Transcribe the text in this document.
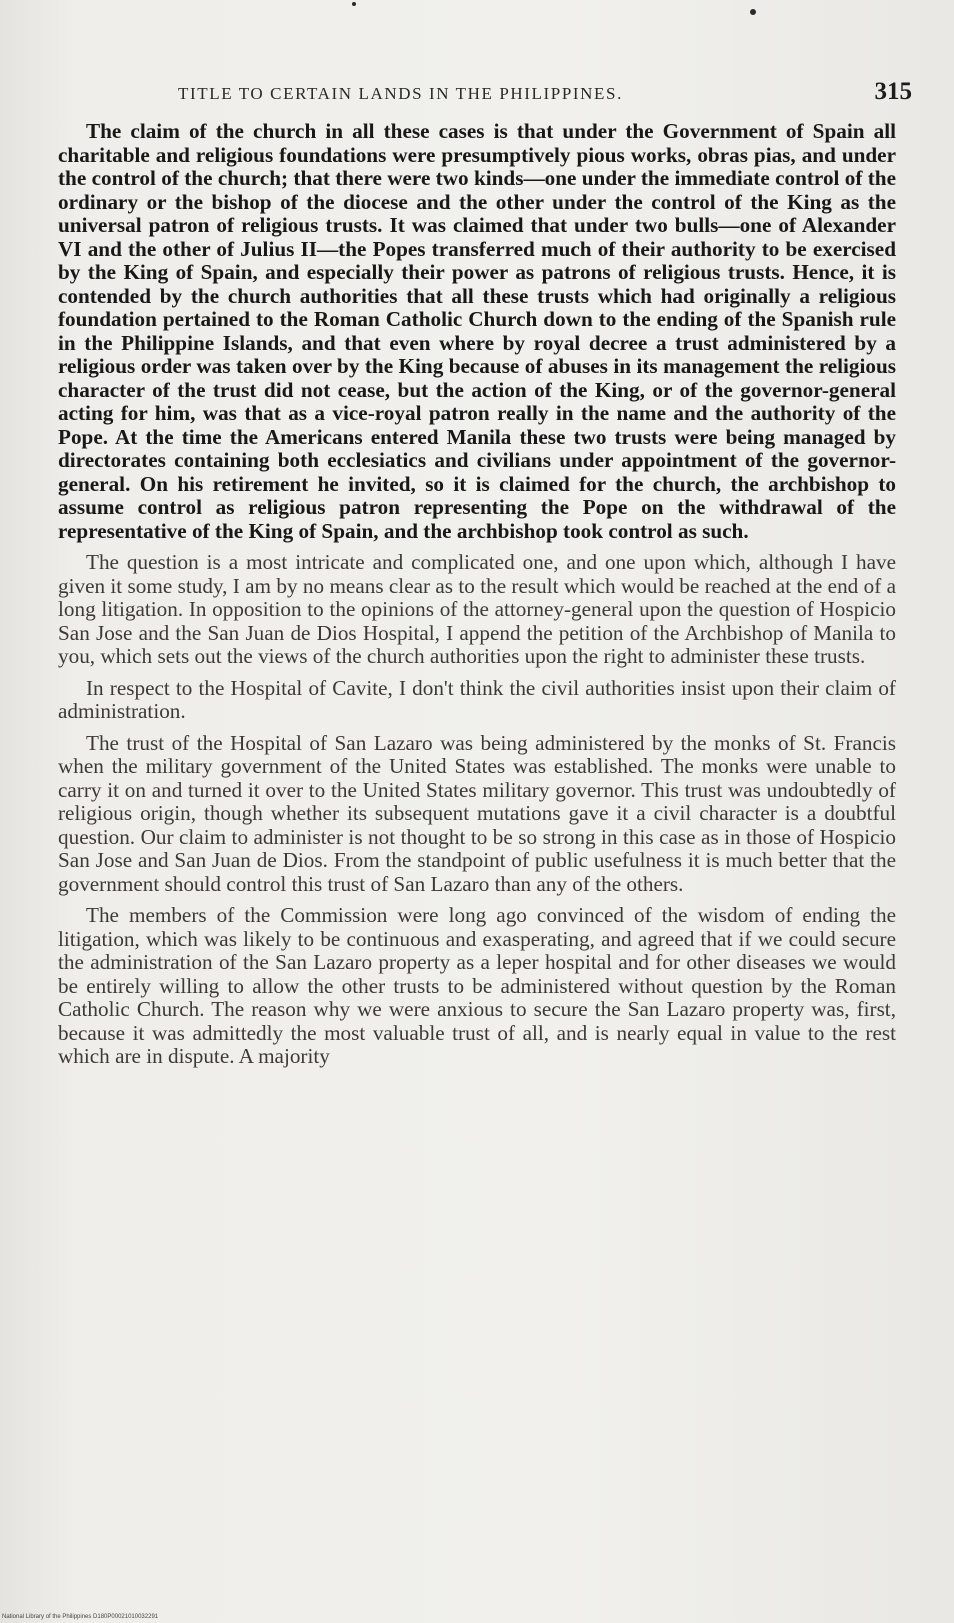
TITLE TO CERTAIN LANDS IN THE PHILIPPINES.	315

The claim of the church in all these cases is that under the Government of Spain all charitable and religious foundations were presumptively pious works, obras pias, and under the control of the church; that there were two kinds—one under the immediate control of the ordinary or the bishop of the diocese and the other under the control of the King as the universal patron of religious trusts. It was claimed that under two bulls—one of Alexander VI and the other of Julius II—the Popes transferred much of their authority to be exercised by the King of Spain, and especially their power as patrons of religious trusts. Hence, it is contended by the church authorities that all these trusts which had originally a religious foundation pertained to the Roman Catholic Church down to the ending of the Spanish rule in the Philippine Islands, and that even where by royal decree a trust administered by a religious order was taken over by the King because of abuses in its management the religious character of the trust did not cease, but the action of the King, or of the governor-general acting for him, was that as a vice-royal patron really in the name and the authority of the Pope. At the time the Americans entered Manila these two trusts were being managed by directorates containing both ecclesiatics and civilians under appointment of the governor-general. On his retirement he invited, so it is claimed for the church, the archbishop to assume control as religious patron representing the Pope on the withdrawal of the representative of the King of Spain, and the archbishop took control as such.

The question is a most intricate and complicated one, and one upon which, although I have given it some study, I am by no means clear as to the result which would be reached at the end of a long litigation. In opposition to the opinions of the attorney-general upon the question of Hospicio San Jose and the San Juan de Dios Hospital, I append the petition of the Archbishop of Manila to you, which sets out the views of the church authorities upon the right to administer these trusts.

In respect to the Hospital of Cavite, I don't think the civil authorities insist upon their claim of administration.

The trust of the Hospital of San Lazaro was being administered by the monks of St. Francis when the military government of the United States was established. The monks were unable to carry it on and turned it over to the United States military governor. This trust was undoubtedly of religious origin, though whether its subsequent mutations gave it a civil character is a doubtful question. Our claim to administer is not thought to be so strong in this case as in those of Hospicio San Jose and San Juan de Dios. From the standpoint of public usefulness it is much better that the government should control this trust of San Lazaro than any of the others.

The members of the Commission were long ago convinced of the wisdom of ending the litigation, which was likely to be continuous and exasperating, and agreed that if we could secure the administration of the San Lazaro property as a leper hospital and for other diseases we would be entirely willing to allow the other trusts to be administered without question by the Roman Catholic Church. The reason why we were anxious to secure the San Lazaro property was, first, because it was admittedly the most valuable trust of all, and is nearly equal in value to the rest which are in dispute. A majority

National Library of the Philippines D180P00021010032291
